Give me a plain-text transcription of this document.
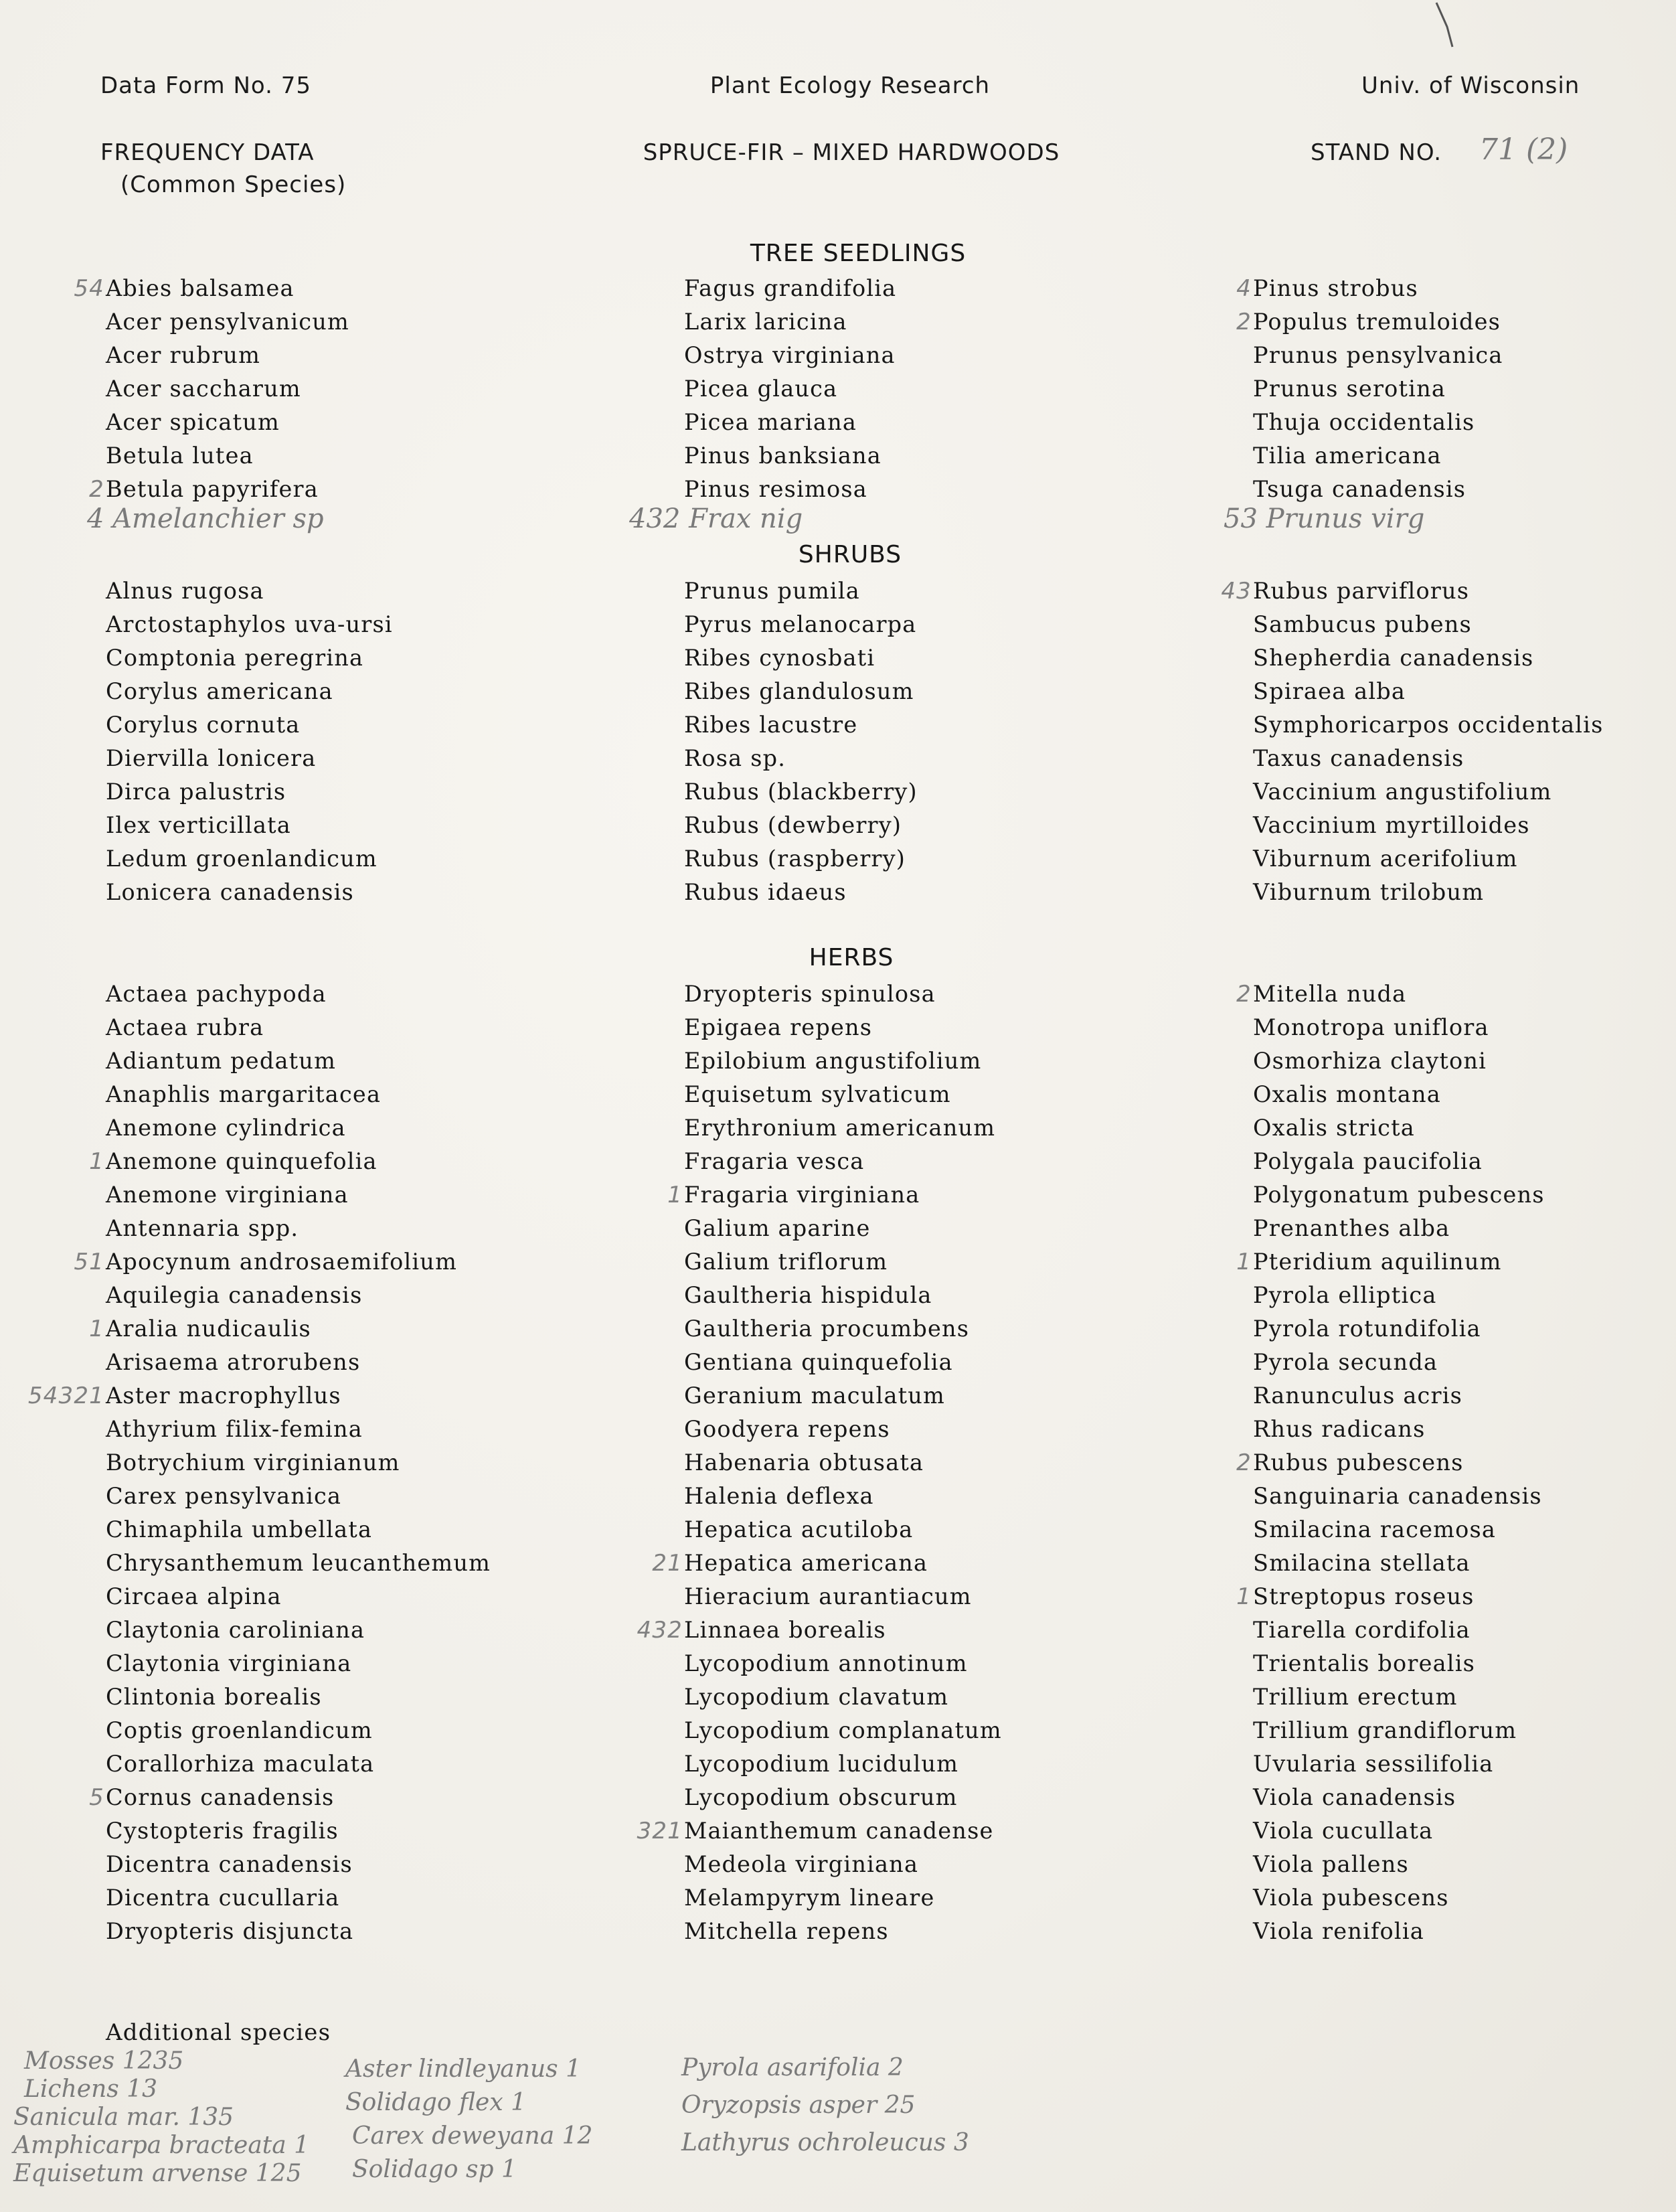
Data Form No. 75	Plant Ecology Research	Univ. of Wisconsin
FREQUENCY DATA
(Common Species)
SPRUCE-FIR – MIXED HARDWOODS	STAND NO. 71 (2)
TREE SEEDLINGS
54 Abies balsamea
Acer pensylvanicum
Acer rubrum
Acer saccharum
Acer spicatum
Betula lutea
2 Betula papyrifera
Fagus grandifolia
Larix laricina
Ostrya virginiana
Picea glauca
Picea mariana
Pinus banksiana
Pinus resimosa
4 Pinus strobus
2 Populus tremuloides
Prunus pensylvanica
Prunus serotina
Thuja occidentalis
Tilia americana
Tsuga canadensis
4 Amelanchier sp	432 Frax nig	53 Prunus virg
SHRUBS
Alnus rugosa
Arctostaphylos uva-ursi
Comptonia peregrina
Corylus americana
Corylus cornuta
Diervilla lonicera
Dirca palustris
Ilex verticillata
Ledum groenlandicum
Lonicera canadensis
Prunus pumila
Pyrus melanocarpa
Ribes cynosbati
Ribes glandulosum
Ribes lacustre
Rosa sp.
Rubus (blackberry)
Rubus (dewberry)
Rubus (raspberry)
Rubus idaeus
43 Rubus parviflorus
Sambucus pubens
Shepherdia canadensis
Spiraea alba
Symphoricarpos occidentalis
Taxus canadensis
Vaccinium angustifolium
Vaccinium myrtilloides
Viburnum acerifolium
Viburnum trilobum
HERBS
Actaea pachypoda
Actaea rubra
Adiantum pedatum
Anaphlis margaritacea
Anemone cylindrica
1 Anemone quinquefolia
Anemone virginiana
Antennaria spp.
51 Apocynum androsaemifolium
Aquilegia canadensis
1 Aralia nudicaulis
Arisaema atrorubens
54321 Aster macrophyllus
Athyrium filix-femina
Botrychium virginianum
Carex pensylvanica
Chimaphila umbellata
Chrysanthemum leucanthemum
Circaea alpina
Claytonia caroliniana
Claytonia virginiana
Clintonia borealis
Coptis groenlandicum
Corallorhiza maculata
5 Cornus canadensis
Cystopteris fragilis
Dicentra canadensis
Dicentra cucullaria
Dryopteris disjuncta
Dryopteris spinulosa
Epigaea repens
Epilobium angustifolium
Equisetum sylvaticum
Erythronium americanum
Fragaria vesca
1 Fragaria virginiana
Galium aparine
Galium triflorum
Gaultheria hispidula
Gaultheria procumbens
Gentiana quinquefolia
Geranium maculatum
Goodyera repens
Habenaria obtusata
Halenia deflexa
Hepatica acutiloba
21 Hepatica americana
Hieracium aurantiacum
432 Linnaea borealis
Lycopodium annotinum
Lycopodium clavatum
Lycopodium complanatum
Lycopodium lucidulum
Lycopodium obscurum
321 Maianthemum canadense
Medeola virginiana
Melampyrym lineare
Mitchella repens
2 Mitella nuda
Monotropa uniflora
Osmorhiza claytoni
Oxalis montana
Oxalis stricta
Polygala paucifolia
Polygonatum pubescens
Prenanthes alba
1 Pteridium aquilinum
Pyrola elliptica
Pyrola rotundifolia
Pyrola secunda
Ranunculus acris
Rhus radicans
2 Rubus pubescens
Sanguinaria canadensis
Smilacina racemosa
Smilacina stellata
1 Streptopus roseus
Tiarella cordifolia
Trientalis borealis
Trillium erectum
Trillium grandiflorum
Uvularia sessilifolia
Viola canadensis
Viola cucullata
Viola pallens
Viola pubescens
Viola renifolia
Additional species
Mosses 1235
Lichens 13
Sanicula mar. 135
Amphicarpa bracteata 1
Equisetum arvense 125
Aster lindleyanus 1
Solidago flex 1
Carex deweyana 12
Solidago sp 1
Pyrola asarifolia 2
Oryzopsis asper 25
Lathyrus ochroleucus 3
